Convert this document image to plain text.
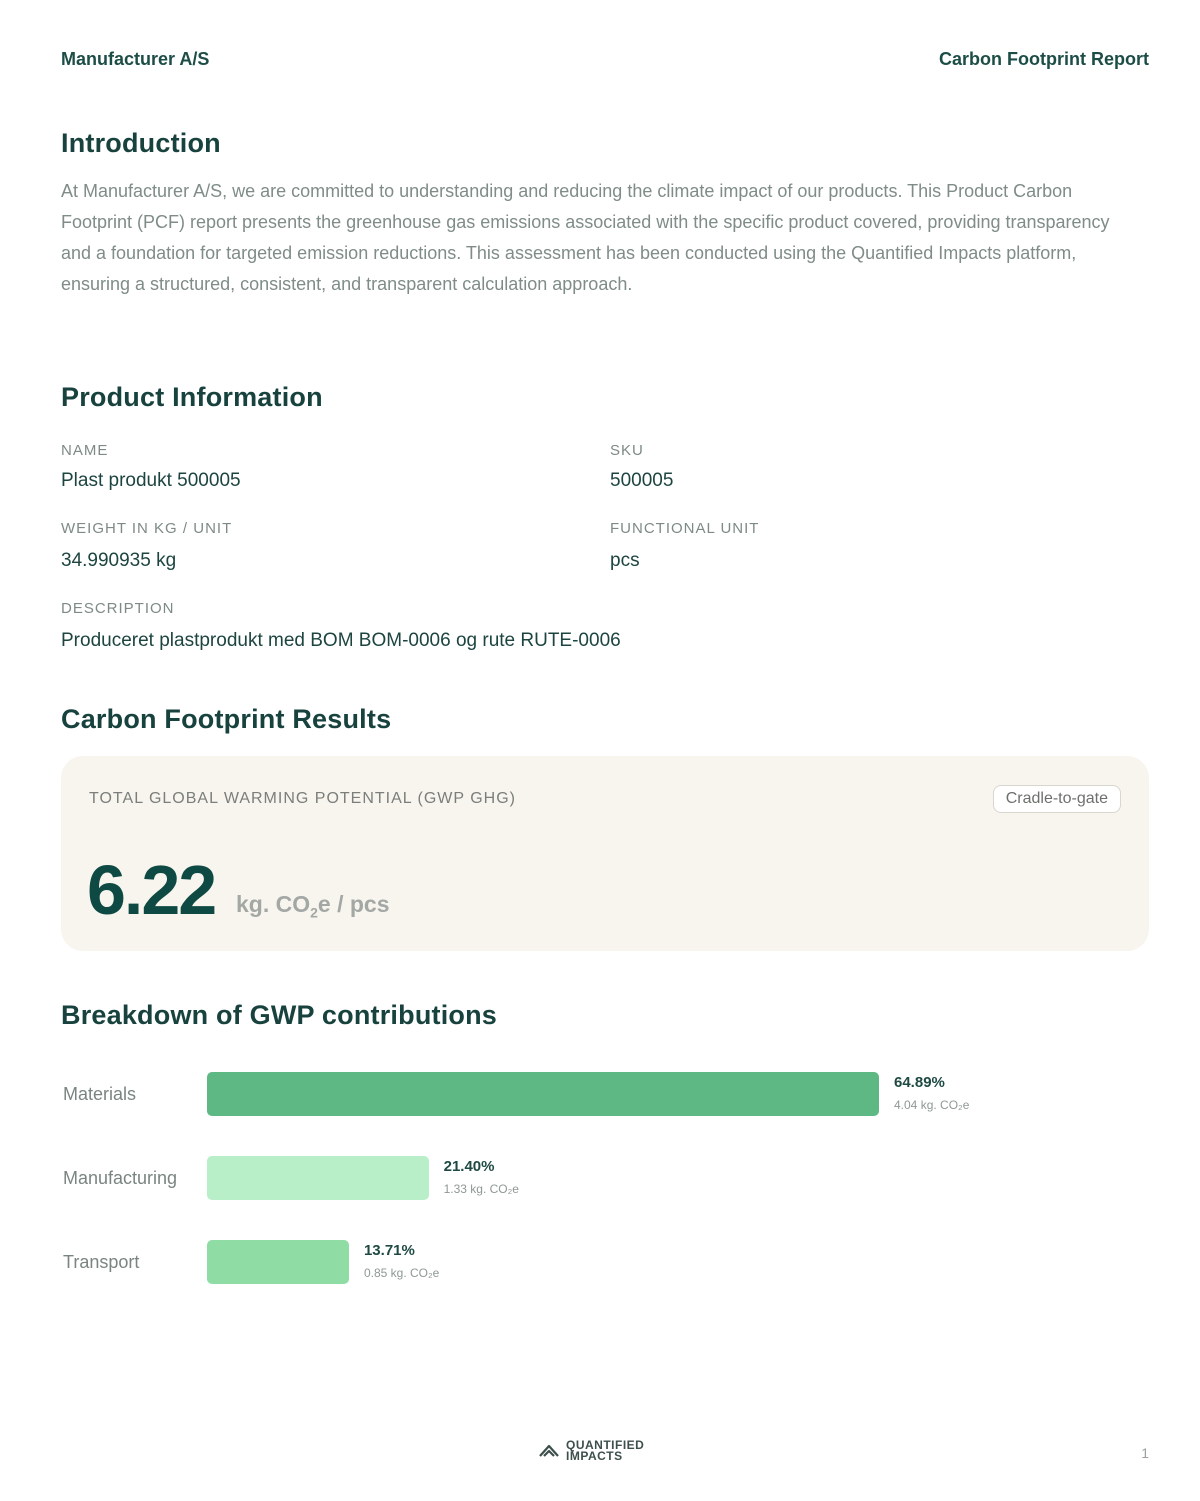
Manufacturer A/S	Carbon Footprint Report
Introduction
At Manufacturer A/S, we are committed to understanding and reducing the climate impact of our products. This Product Carbon Footprint (PCF) report presents the greenhouse gas emissions associated with the specific product covered, providing transparency and a foundation for targeted emission reductions. This assessment has been conducted using the Quantified Impacts platform, ensuring a structured, consistent, and transparent calculation approach.
Product Information
NAME
Plast produkt 500005
SKU
500005
WEIGHT IN KG / UNIT
34.990935 kg
FUNCTIONAL UNIT
pcs
DESCRIPTION
Produceret plastprodukt med BOM BOM-0006 og rute RUTE-0006
Carbon Footprint Results
TOTAL GLOBAL WARMING POTENTIAL (GWP GHG)	Cradle-to-gate
6.22 kg. $CO_2e$ / pcs
Breakdown of GWP contributions
Materials
64.89%
4.04 kg. CO₂e
Manufacturing
21.40%
1.33 kg. CO₂e
Transport
13.71%
0.85 kg. CO₂e
QUANTIFIED
IMPACTS	1
